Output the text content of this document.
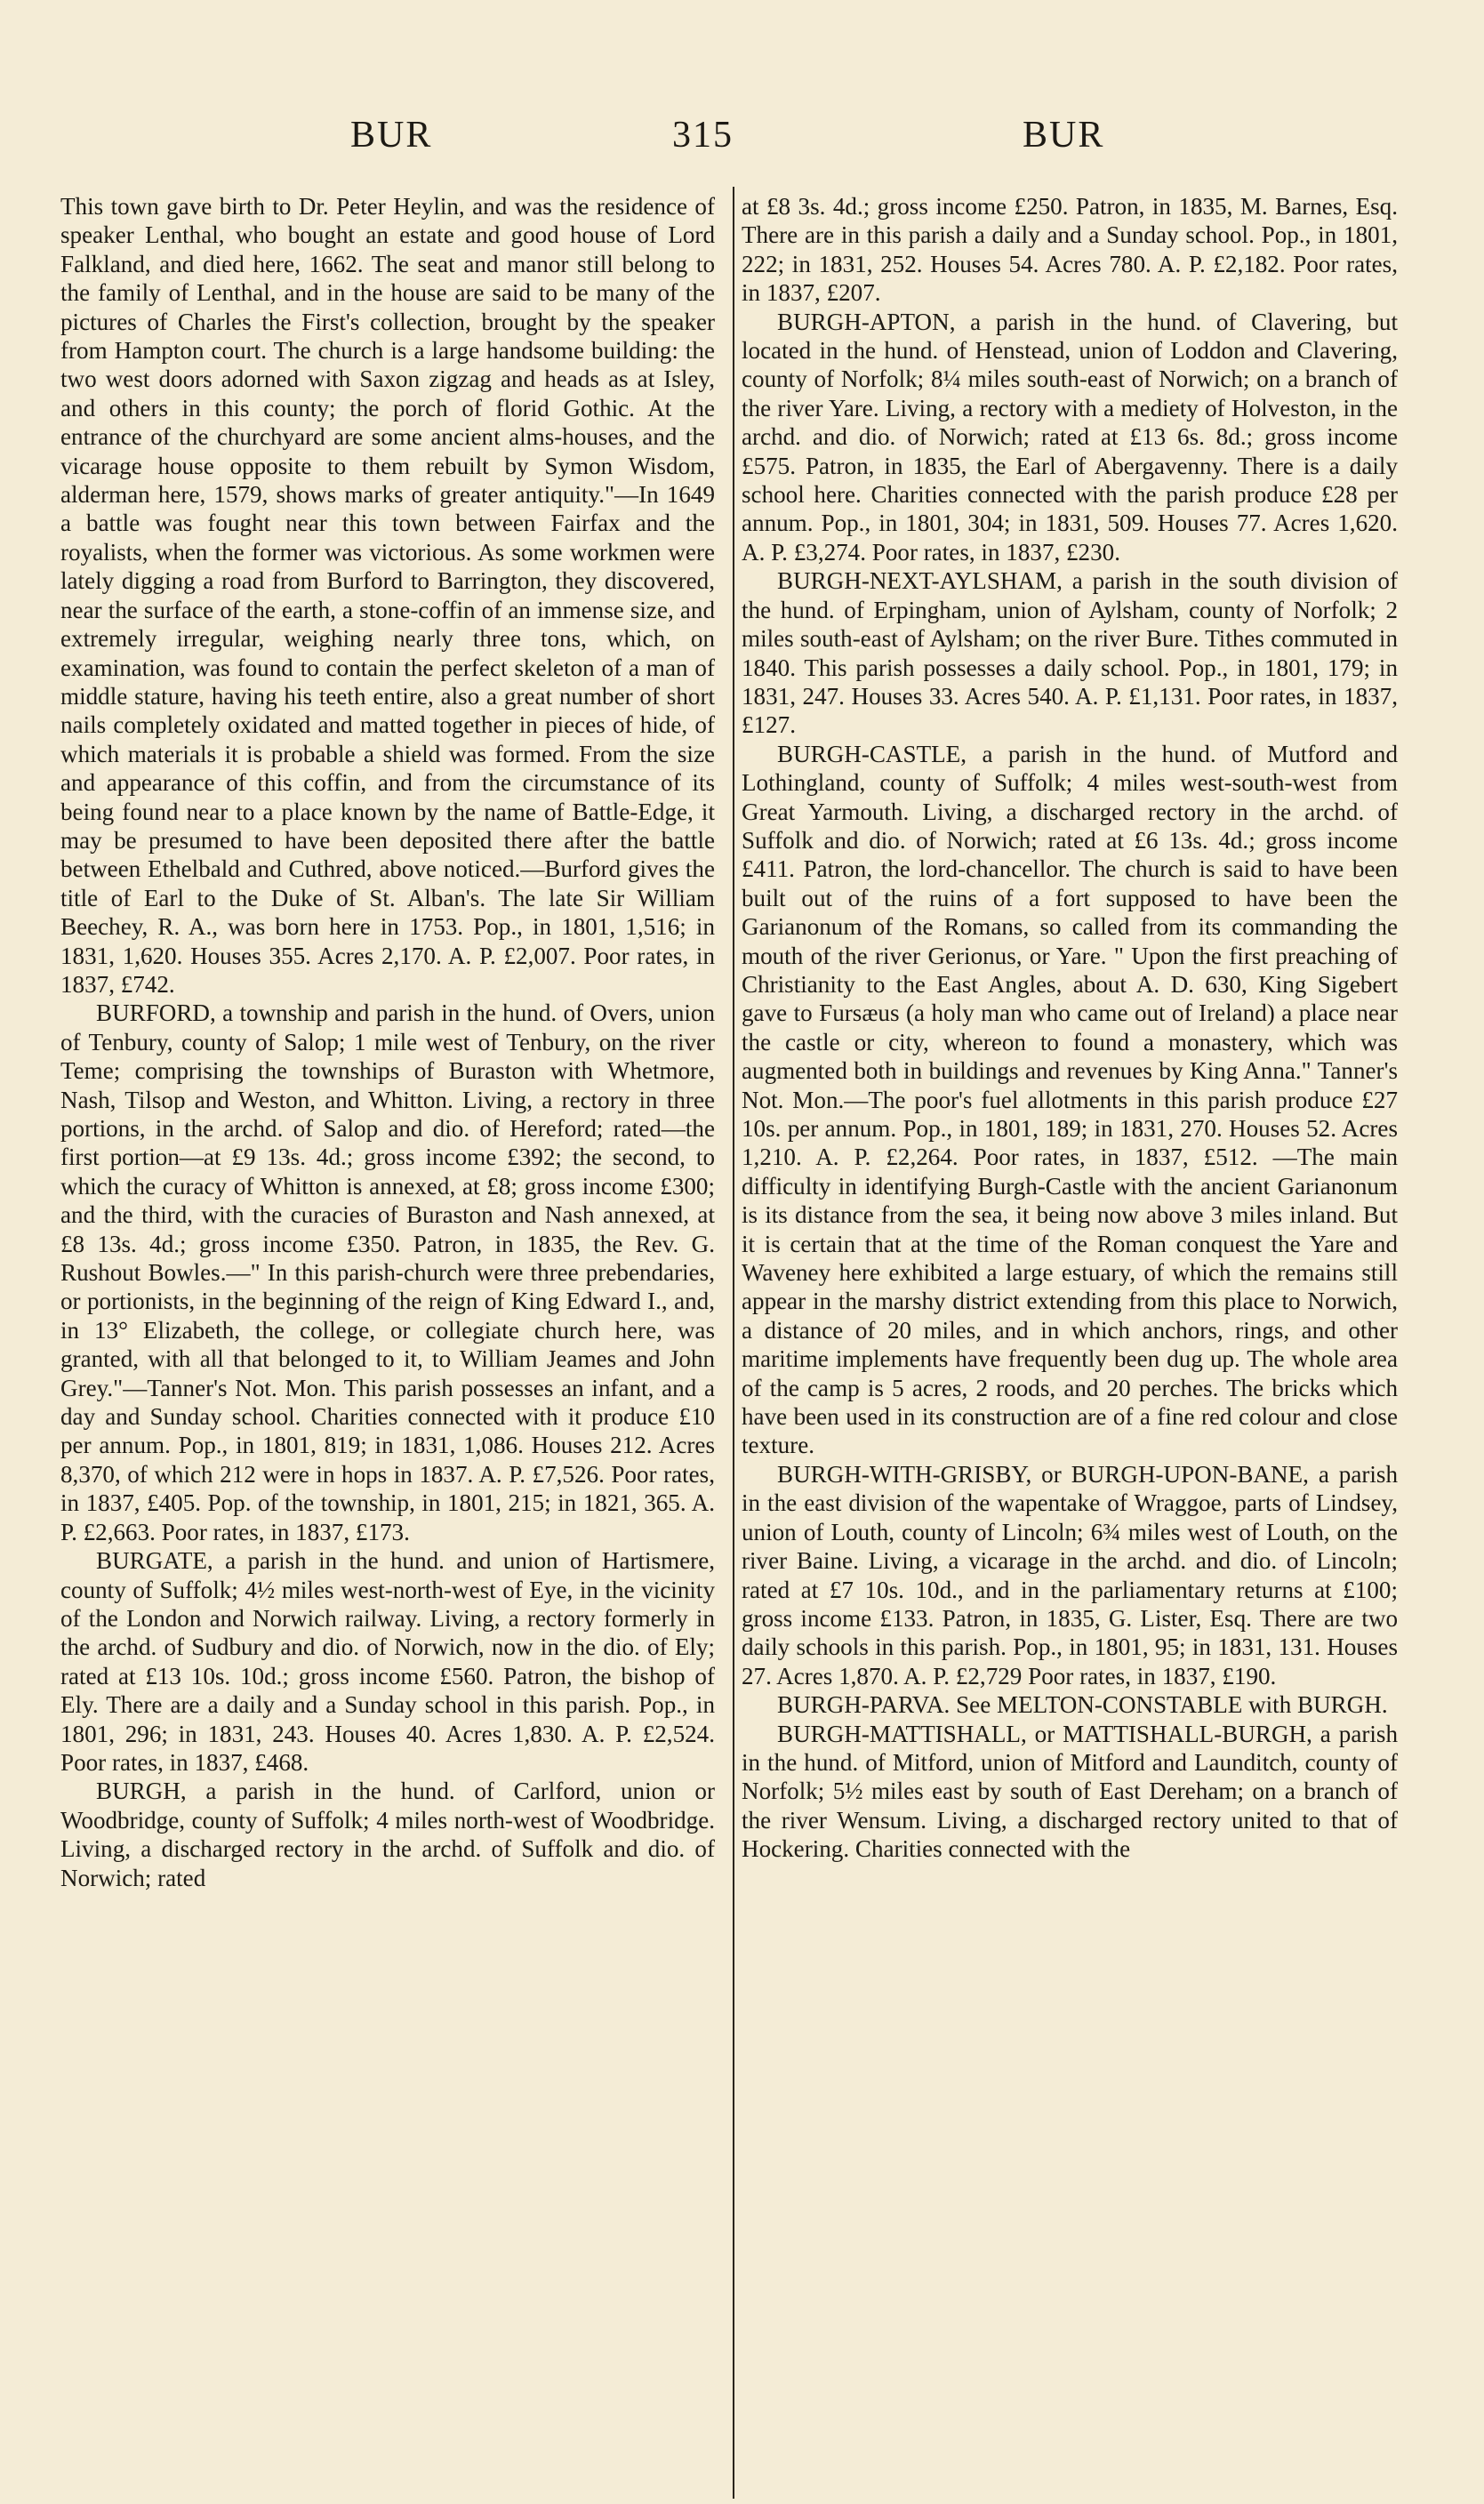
BUR	315	BUR

This town gave birth to Dr. Peter Heylin, and was the residence of speaker Lenthal, who bought an estate and good house of Lord Falkland, and died here, 1662. The seat and manor still belong to the family of Lenthal, and in the house are said to be many of the pictures of Charles the First's collection, brought by the speaker from Hampton court. The church is a large handsome building: the two west doors adorned with Saxon zigzag and heads as at Isley, and others in this county; the porch of florid Gothic. At the entrance of the churchyard are some ancient alms-houses, and the vicarage house opposite to them rebuilt by Symon Wisdom, alderman here, 1579, shows marks of greater antiquity."—In 1649 a battle was fought near this town between Fairfax and the royalists, when the former was victorious. As some workmen were lately digging a road from Burford to Barrington, they discovered, near the surface of the earth, a stone-coffin of an immense size, and extremely irregular, weighing nearly three tons, which, on examination, was found to contain the perfect skeleton of a man of middle stature, having his teeth entire, also a great number of short nails completely oxidated and matted together in pieces of hide, of which materials it is probable a shield was formed. From the size and appearance of this coffin, and from the circumstance of its being found near to a place known by the name of Battle-Edge, it may be presumed to have been deposited there after the battle between Ethelbald and Cuthred, above noticed.—Burford gives the title of Earl to the Duke of St. Alban's. The late Sir William Beechey, R. A., was born here in 1753. Pop., in 1801, 1,516; in 1831, 1,620. Houses 355. Acres 2,170. A. P. £2,007. Poor rates, in 1837, £742.

BURFORD, a township and parish in the hund. of Overs, union of Tenbury, county of Salop; 1 mile west of Tenbury, on the river Teme; comprising the townships of Buraston with Whetmore, Nash, Tilsop and Weston, and Whitton. Living, a rectory in three portions, in the archd. of Salop and dio. of Hereford; rated—the first portion—at £9 13s. 4d.; gross income £392; the second, to which the curacy of Whitton is annexed, at £8; gross income £300; and the third, with the curacies of Buraston and Nash annexed, at £8 13s. 4d.; gross income £350. Patron, in 1835, the Rev. G. Rushout Bowles.—" In this parish-church were three prebendaries, or portionists, in the beginning of the reign of King Edward I., and, in 13° Elizabeth, the college, or collegiate church here, was granted, with all that belonged to it, to William Jeames and John Grey."—Tanner's Not. Mon. This parish possesses an infant, and a day and Sunday school. Charities connected with it produce £10 per annum. Pop., in 1801, 819; in 1831, 1,086. Houses 212. Acres 8,370, of which 212 were in hops in 1837. A. P. £7,526. Poor rates, in 1837, £405. Pop. of the township, in 1801, 215; in 1821, 365. A. P. £2,663. Poor rates, in 1837, £173.

BURGATE, a parish in the hund. and union of Hartismere, county of Suffolk; 4½ miles west-north-west of Eye, in the vicinity of the London and Norwich railway. Living, a rectory formerly in the archd. of Sudbury and dio. of Norwich, now in the dio. of Ely; rated at £13 10s. 10d.; gross income £560. Patron, the bishop of Ely. There are a daily and a Sunday school in this parish. Pop., in 1801, 296; in 1831, 243. Houses 40. Acres 1,830. A. P. £2,524. Poor rates, in 1837, £468.

BURGH, a parish in the hund. of Carlford, union or Woodbridge, county of Suffolk; 4 miles north-west of Woodbridge. Living, a discharged rectory in the archd. of Suffolk and dio. of Norwich; rated

at £8 3s. 4d.; gross income £250. Patron, in 1835, M. Barnes, Esq. There are in this parish a daily and a Sunday school. Pop., in 1801, 222; in 1831, 252. Houses 54. Acres 780. A. P. £2,182. Poor rates, in 1837, £207.

BURGH-APTON, a parish in the hund. of Clavering, but located in the hund. of Henstead, union of Loddon and Clavering, county of Norfolk; 8¼ miles south-east of Norwich; on a branch of the river Yare. Living, a rectory with a mediety of Holveston, in the archd. and dio. of Norwich; rated at £13 6s. 8d.; gross income £575. Patron, in 1835, the Earl of Abergavenny. There is a daily school here. Charities connected with the parish produce £28 per annum. Pop., in 1801, 304; in 1831, 509. Houses 77. Acres 1,620. A. P. £3,274. Poor rates, in 1837, £230.

BURGH-NEXT-AYLSHAM, a parish in the south division of the hund. of Erpingham, union of Aylsham, county of Norfolk; 2 miles south-east of Aylsham; on the river Bure. Tithes commuted in 1840. This parish possesses a daily school. Pop., in 1801, 179; in 1831, 247. Houses 33. Acres 540. A. P. £1,131. Poor rates, in 1837, £127.

BURGH-CASTLE, a parish in the hund. of Mutford and Lothingland, county of Suffolk; 4 miles west-south-west from Great Yarmouth. Living, a discharged rectory in the archd. of Suffolk and dio. of Norwich; rated at £6 13s. 4d.; gross income £411. Patron, the lord-chancellor. The church is said to have been built out of the ruins of a fort supposed to have been the Garianonum of the Romans, so called from its commanding the mouth of the river Gerionus, or Yare. " Upon the first preaching of Christianity to the East Angles, about A. D. 630, King Sigebert gave to Fursæus (a holy man who came out of Ireland) a place near the castle or city, whereon to found a monastery, which was augmented both in buildings and revenues by King Anna." Tanner's Not. Mon.—The poor's fuel allotments in this parish produce £27 10s. per annum. Pop., in 1801, 189; in 1831, 270. Houses 52. Acres 1,210. A. P. £2,264. Poor rates, in 1837, £512. —The main difficulty in identifying Burgh-Castle with the ancient Garianonum is its distance from the sea, it being now above 3 miles inland. But it is certain that at the time of the Roman conquest the Yare and Waveney here exhibited a large estuary, of which the remains still appear in the marshy district extending from this place to Norwich, a distance of 20 miles, and in which anchors, rings, and other maritime implements have frequently been dug up. The whole area of the camp is 5 acres, 2 roods, and 20 perches. The bricks which have been used in its construction are of a fine red colour and close texture.

BURGH-WITH-GRISBY, or BURGH-UPON-BANE, a parish in the east division of the wapentake of Wraggoe, parts of Lindsey, union of Louth, county of Lincoln; 6¾ miles west of Louth, on the river Baine. Living, a vicarage in the archd. and dio. of Lincoln; rated at £7 10s. 10d., and in the parliamentary returns at £100; gross income £133. Patron, in 1835, G. Lister, Esq. There are two daily schools in this parish. Pop., in 1801, 95; in 1831, 131. Houses 27. Acres 1,870. A. P. £2,729 Poor rates, in 1837, £190.

BURGH-PARVA. See MELTON-CONSTABLE with BURGH.

BURGH-MATTISHALL, or MATTISHALL-BURGH, a parish in the hund. of Mitford, union of Mitford and Launditch, county of Norfolk; 5½ miles east by south of East Dereham; on a branch of the river Wensum. Living, a discharged rectory united to that of Hockering. Charities connected with the
